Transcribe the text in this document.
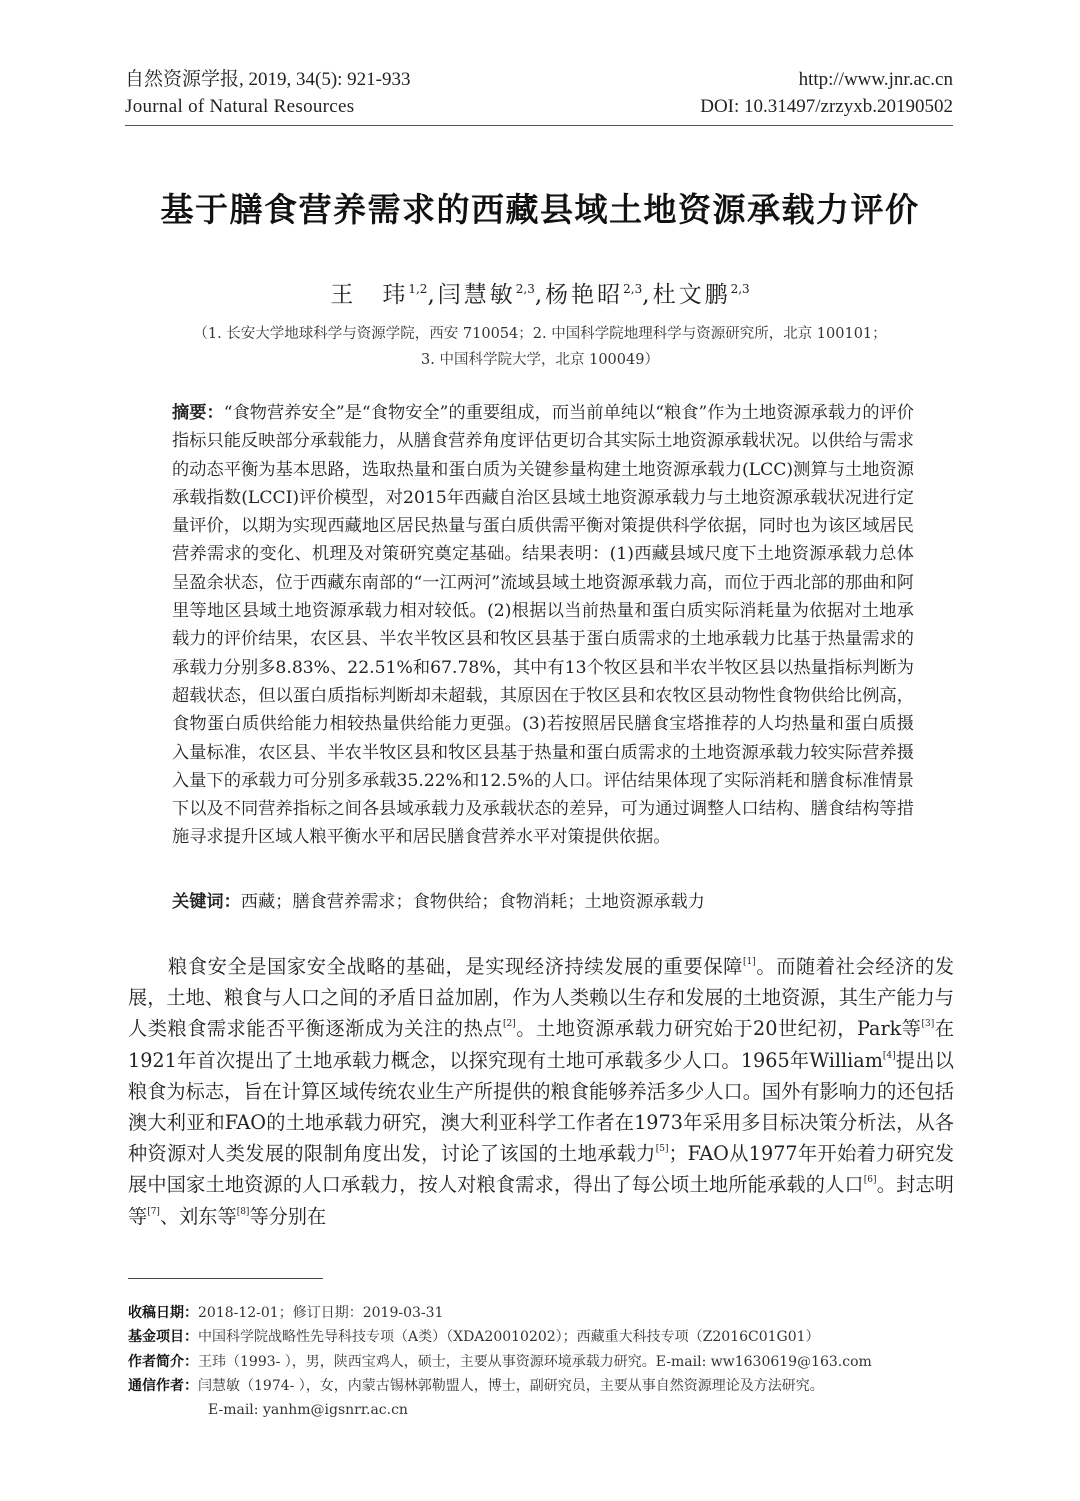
自然资源学报, 2019, 34(5): 921-933
Journal of Natural Resources
http://www.jnr.ac.cn
DOI: 10.31497/zrzyxb.20190502
基于膳食营养需求的西藏县域土地资源承载力评价
王　玮$^{1,2}$,闫慧敏$^{2,3}$,杨艳昭$^{2,3}$,杜文鹏$^{2,3}$
（1. 长安大学地球科学与资源学院，西安 710054；2. 中国科学院地理科学与资源研究所，北京 100101；
3. 中国科学院大学，北京 100049）
摘要：“食物营养安全”是“食物安全”的重要组成，而当前单纯以“粮食”作为土地资源承载力的评价指标只能反映部分承载能力，从膳食营养角度评估更切合其实际土地资源承载状况。以供给与需求的动态平衡为基本思路，选取热量和蛋白质为关键参量构建土地资源承载力(LCC)测算与土地资源承载指数(LCCI)评价模型，对2015年西藏自治区县域土地资源承载力与土地资源承载状况进行定量评价，以期为实现西藏地区居民热量与蛋白质供需平衡对策提供科学依据，同时也为该区域居民营养需求的变化、机理及对策研究奠定基础。结果表明：(1)西藏县域尺度下土地资源承载力总体呈盈余状态，位于西藏东南部的“一江两河”流域县域土地资源承载力高，而位于西北部的那曲和阿里等地区县域土地资源承载力相对较低。(2)根据以当前热量和蛋白质实际消耗量为依据对土地承载力的评价结果，农区县、半农半牧区县和牧区县基于蛋白质需求的土地承载力比基于热量需求的承载力分别多8.83%、22.51%和67.78%，其中有13个牧区县和半农半牧区县以热量指标判断为超载状态，但以蛋白质指标判断却未超载，其原因在于牧区县和农牧区县动物性食物供给比例高，食物蛋白质供给能力相较热量供给能力更强。(3)若按照居民膳食宝塔推荐的人均热量和蛋白质摄入量标准，农区县、半农半牧区县和牧区县基于热量和蛋白质需求的土地资源承载力较实际营养摄入量下的承载力可分别多承载35.22%和12.5%的人口。评估结果体现了实际消耗和膳食标准情景下以及不同营养指标之间各县域承载力及承载状态的差异，可为通过调整人口结构、膳食结构等措施寻求提升区域人粮平衡水平和居民膳食营养水平对策提供依据。
关键词：西藏；膳食营养需求；食物供给；食物消耗；土地资源承载力
粮食安全是国家安全战略的基础，是实现经济持续发展的重要保障[1]。而随着社会经济的发展，土地、粮食与人口之间的矛盾日益加剧，作为人类赖以生存和发展的土地资源，其生产能力与人类粮食需求能否平衡逐渐成为关注的热点[2]。土地资源承载力研究始于20世纪初，Park等[3]在1921年首次提出了土地承载力概念，以探究现有土地可承载多少人口。1965年William[4]提出以粮食为标志，旨在计算区域传统农业生产所提供的粮食能够养活多少人口。国外有影响力的还包括澳大利亚和FAO的土地承载力研究，澳大利亚科学工作者在1973年采用多目标决策分析法，从各种资源对人类发展的限制角度出发，讨论了该国的土地承载力[5]；FAO从1977年开始着力研究发展中国家土地资源的人口承载力，按人对粮食需求，得出了每公顷土地所能承载的人口[6]。封志明等[7]、刘东等[8]等分别在
收稿日期：2018-12-01；修订日期：2019-03-31
基金项目：中国科学院战略性先导科技专项（A类）（XDA20010202）；西藏重大科技专项（Z2016C01G01）
作者简介：王玮（1993- ），男，陕西宝鸡人，硕士，主要从事资源环境承载力研究。E-mail: ww1630619@163.com
通信作者：闫慧敏（1974- ），女，内蒙古锡林郭勒盟人，博士，副研究员，主要从事自然资源理论及方法研究。
E-mail: yanhm@igsnrr.ac.cn
